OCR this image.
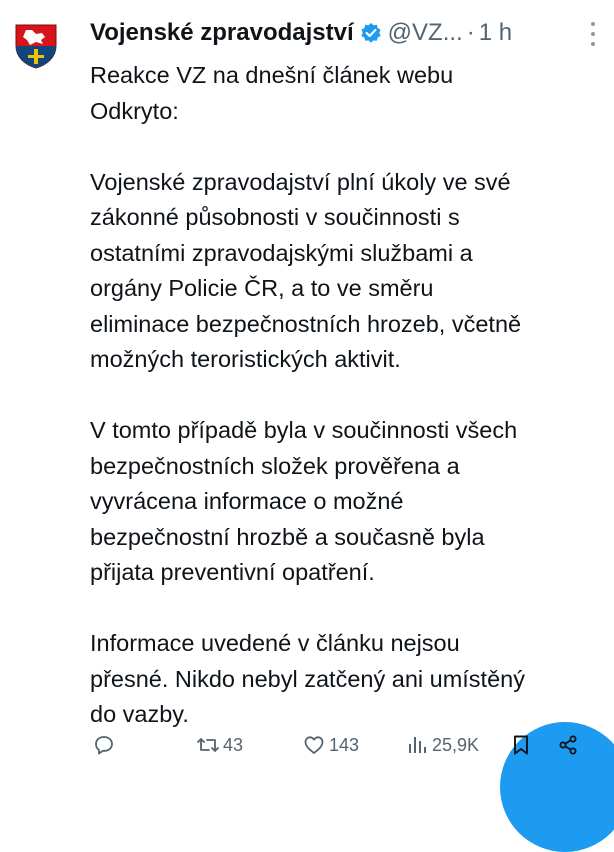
Vojenské zpravodajství @VZ... · 1 h

Reakce VZ na dnešní článek webu
Odkryto:

Vojenské zpravodajství plní úkoly ve své
zákonné působnosti v součinnosti s
ostatními zpravodajskými službami a
orgány Policie ČR, a to ve směru
eliminace bezpečnostních hrozeb, včetně
možných teroristických aktivit.

V tomto případě byla v součinnosti všech
bezpečnostních složek prověřena a
vyvrácena informace o možné
bezpečnostní hrozbě a současně byla
přijata preventivní opatření.

Informace uvedené v článku nejsou
přesné. Nikdo nebyl zatčený ani umístěný
do vazby.

43	143	25,9K
